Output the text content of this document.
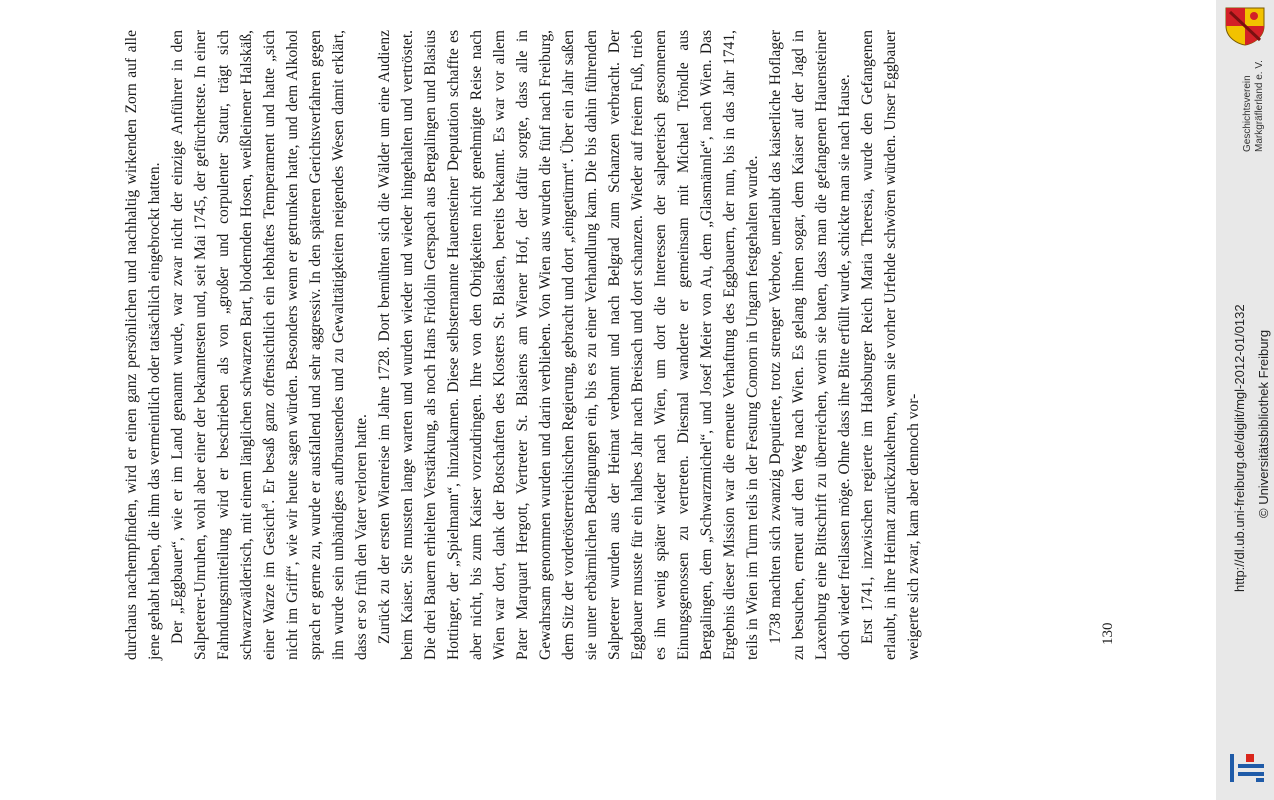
durchaus nachempfinden, wird er einen ganz persönlichen und nachhaltig wirkenden Zorn auf alle jene gehabt haben, die ihm das vermeintlich oder tatsächlich eingebrockt hatten. Der „Eggbauer“, wie er im Land genannt wurde, war zwar nicht der einzige Anführer in den Salpeterer-Unruhen, wohl aber einer der bekanntesten und, seit Mai 1745, der gefürchtetste. In einer Fahndungsmitteilung wird er beschrieben als von „großer und corpulenter Statur, trägt sich schwarzwälderisch, mit einem länglichen schwarzen Bart, blodernden Hosen, weißleinener Halskäß, einer Warze im Gesicht$^8$. Er besaß ganz offensichtlich ein lebhaftes Temperament und hatte „sich nicht im Griff“, wie wir heute sagen würden. Besonders wenn er getrunken hatte, und dem Alkohol sprach er gerne zu, wurde er ausfallend und sehr aggressiv. In den späteren Gerichtsverfahren gegen ihn wurde sein unbändiges aufbrausendes und zu Gewalttätigkeiten neigendes Wesen damit erklärt, dass er so früh den Vater verloren hatte. Zurück zu der ersten Wienreise im Jahre 1728. Dort bemühten sich die Wälder um eine Audienz beim Kaiser. Sie mussten lange warten und wurden wieder und wieder hingehalten und vertröstet. Die drei Bauern erhielten Verstärkung, als noch Hans Fridolin Gerspach aus Bergalingen und Blasius Hottinger, der „Spielmann“, hinzukamen. Diese selbsternannte Hauensteiner Deputation schaffte es aber nicht, bis zum Kaiser vorzudringen. Ihre von den Obrigkeiten nicht genehmigte Reise nach Wien war dort, dank der Botschaften des Klosters St. Blasien, bereits bekannt. Es war vor allem Pater Marquart Hergott, Vertreter St. Blasiens am Wiener Hof, der dafür sorgte, dass alle in Gewahrsam genommen wurden und darin verblieben. Von Wien aus wurden die fünf nach Freiburg, dem Sitz der vorderösterreichischen Regierung, gebracht und dort „eingetürmt“. Über ein Jahr saßen sie unter erbärmlichen Bedingungen ein, bis es zu einer Verhandlung kam. Die bis dahin führenden Salpeterer wurden aus der Heimat verbannt und nach Belgrad zum Schanzen verbracht. Der Eggbauer musste für ein halbes Jahr nach Breisach und dort schanzen. Wieder auf freiem Fuß, trieb es ihn wenig später wieder nach Wien, um dort die Interessen der salpeterisch gesonnenen Einungsgenossen zu vertreten. Diesmal wanderte er gemeinsam mit Michael Tröndle aus Bergalingen, dem „Schwarzmichel“, und Josef Meier von Au, dem „Glasmännle“, nach Wien. Das Ergebnis dieser Mission war die erneute Verhaftung des Eggbauern, der nun, bis in das Jahr 1741, teils in Wien im Turm teils in der Festung Comorn in Ungarn festgehalten wurde. 1738 machten sich zwanzig Deputierte, trotz strenger Verbote, unerlaubt das kaiserliche Hoflager zu besuchen, erneut auf den Weg nach Wien. Es gelang ihnen sogar, dem Kaiser auf der Jagd in Laxenburg eine Bittschrift zu überreichen, worin sie baten, dass man die gefangenen Hauensteiner doch wieder freilassen möge. Ohne dass ihre Bitte erfüllt wurde, schickte man sie nach Hause. Erst 1741, inzwischen regierte im Habsburger Reich Maria Theresia, wurde den Gefangenen erlaubt, in ihre Heimat zurückzukehren, wenn sie vorher Urfehde schwören würden. Unser Eggbauer weigerte sich zwar, kam aber dennoch vor-	130
Geschichtsverein Markgräflerland e. V.
http://dl.ub.uni-freiburg.de/diglit/mgl-2012-01/0132 © Universitätsbibliothek Freiburg
